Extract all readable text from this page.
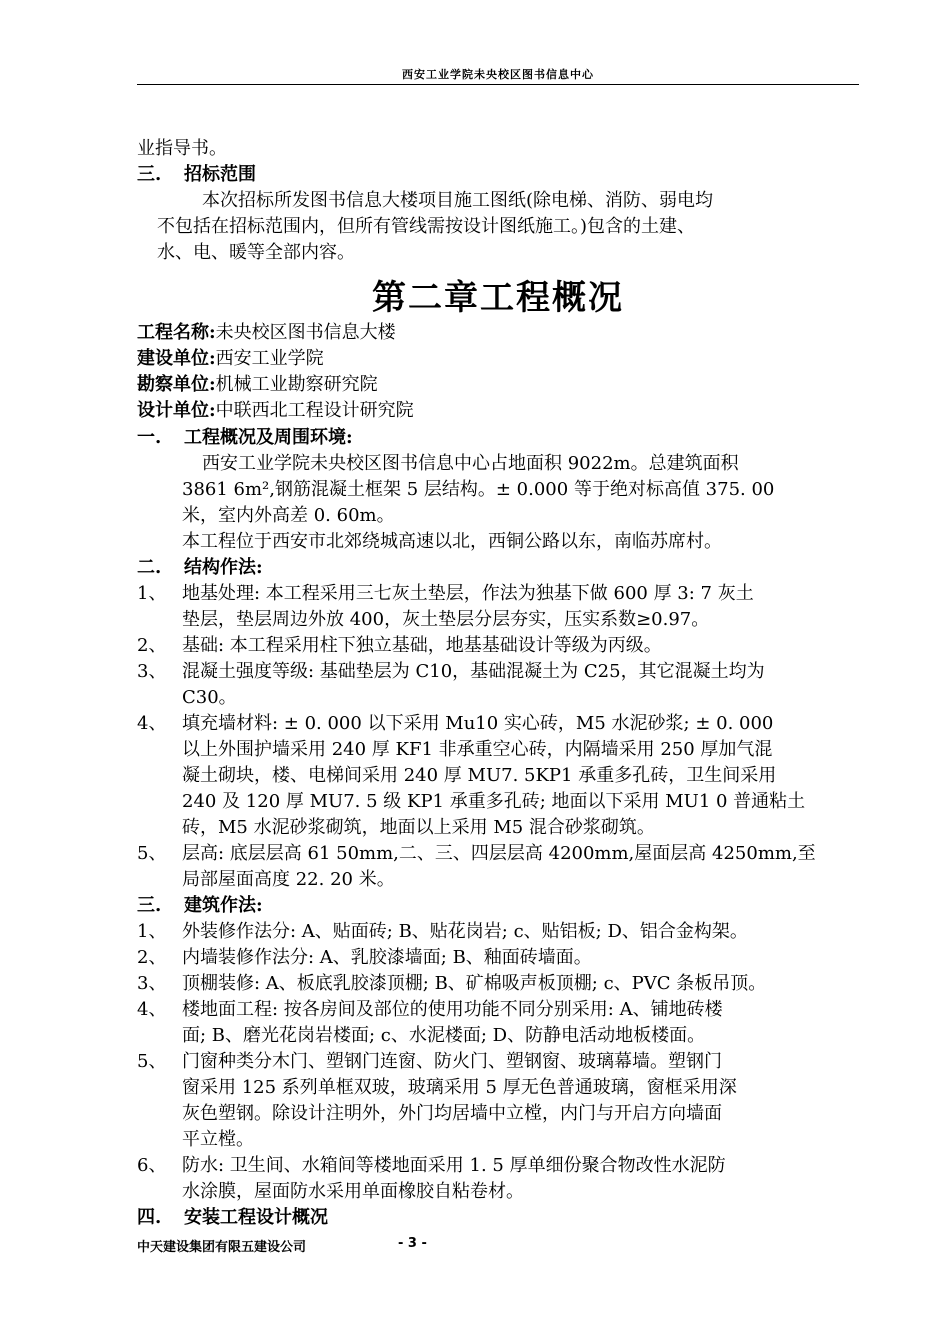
西安工业学院未央校区图书信息中心
业指导书。
三. 招标范围
本次招标所发图书信息大楼项目施工图纸(除电梯、消防、弱电均
不包括在招标范围内，但所有管线需按设计图纸施工。)包含的土建、
水、电、暖等全部内容。
第二章工程概况
工程名称:未央校区图书信息大楼
建设单位:西安工业学院
勘察单位:机械工业勘察研究院
设计单位:中联西北工程设计研究院
一. 工程概况及周围环境:
西安工业学院未央校区图书信息中心占地面积 9022m。总建筑面积
3861 6m²,钢筋混凝土框架 5 层结构。± 0.000 等于绝对标高值 375. 00
米，室内外高差 0. 60m。
本工程位于西安市北郊绕城高速以北，西铜公路以东，南临苏席村。
二. 结构作法:
1、 地基处理: 本工程采用三七灰土垫层，作法为独基下做 600 厚 3: 7 灰土
垫层，垫层周边外放 400，灰土垫层分层夯实，压实系数≥0.97。
2、 基础: 本工程采用柱下独立基础，地基基础设计等级为丙级。
3、 混凝土强度等级: 基础垫层为 C10，基础混凝土为 C25，其它混凝土均为
C30。
4、 填充墙材料: ± 0. 000 以下采用 Mu10 实心砖，M5 水泥砂浆; ± 0. 000
以上外围护墙采用 240 厚 KF1 非承重空心砖，内隔墙采用 250 厚加气混
凝土砌块，楼、电梯间采用 240 厚 MU7. 5KP1 承重多孔砖，卫生间采用
240 及 120 厚 MU7. 5 级 KP1 承重多孔砖; 地面以下采用 MU1 0 普通粘土
砖，M5 水泥砂浆砌筑，地面以上采用 M5 混合砂浆砌筑。
5、 层高: 底层层高 61 50mm,二、三、四层层高 4200mm,屋面层高 4250mm,至
局部屋面高度 22. 20 米。
三. 建筑作法:
1、 外装修作法分: A、贴面砖; B、贴花岗岩; c、贴铝板; D、铝合金构架。
2、 内墙装修作法分: A、乳胶漆墙面; B、釉面砖墙面。
3、 顶棚装修: A、板底乳胶漆顶棚; B、矿棉吸声板顶棚; c、PVC 条板吊顶。
4、 楼地面工程: 按各房间及部位的使用功能不同分别采用: A、铺地砖楼
面; B、磨光花岗岩楼面; c、水泥楼面; D、防静电活动地板楼面。
5、 门窗种类分木门、塑钢门连窗、防火门、塑钢窗、玻璃幕墙。塑钢门
窗采用 125 系列单框双玻，玻璃采用 5 厚无色普通玻璃，窗框采用深
灰色塑钢。除设计注明外，外门均居墙中立樘，内门与开启方向墙面
平立樘。
6、 防水: 卫生间、水箱间等楼地面采用 1. 5 厚单细份聚合物改性水泥防
水涂膜，屋面防水采用单面橡胶自粘卷材。
四. 安装工程设计概况
中天建设集团有限五建设公司	- 3 -
